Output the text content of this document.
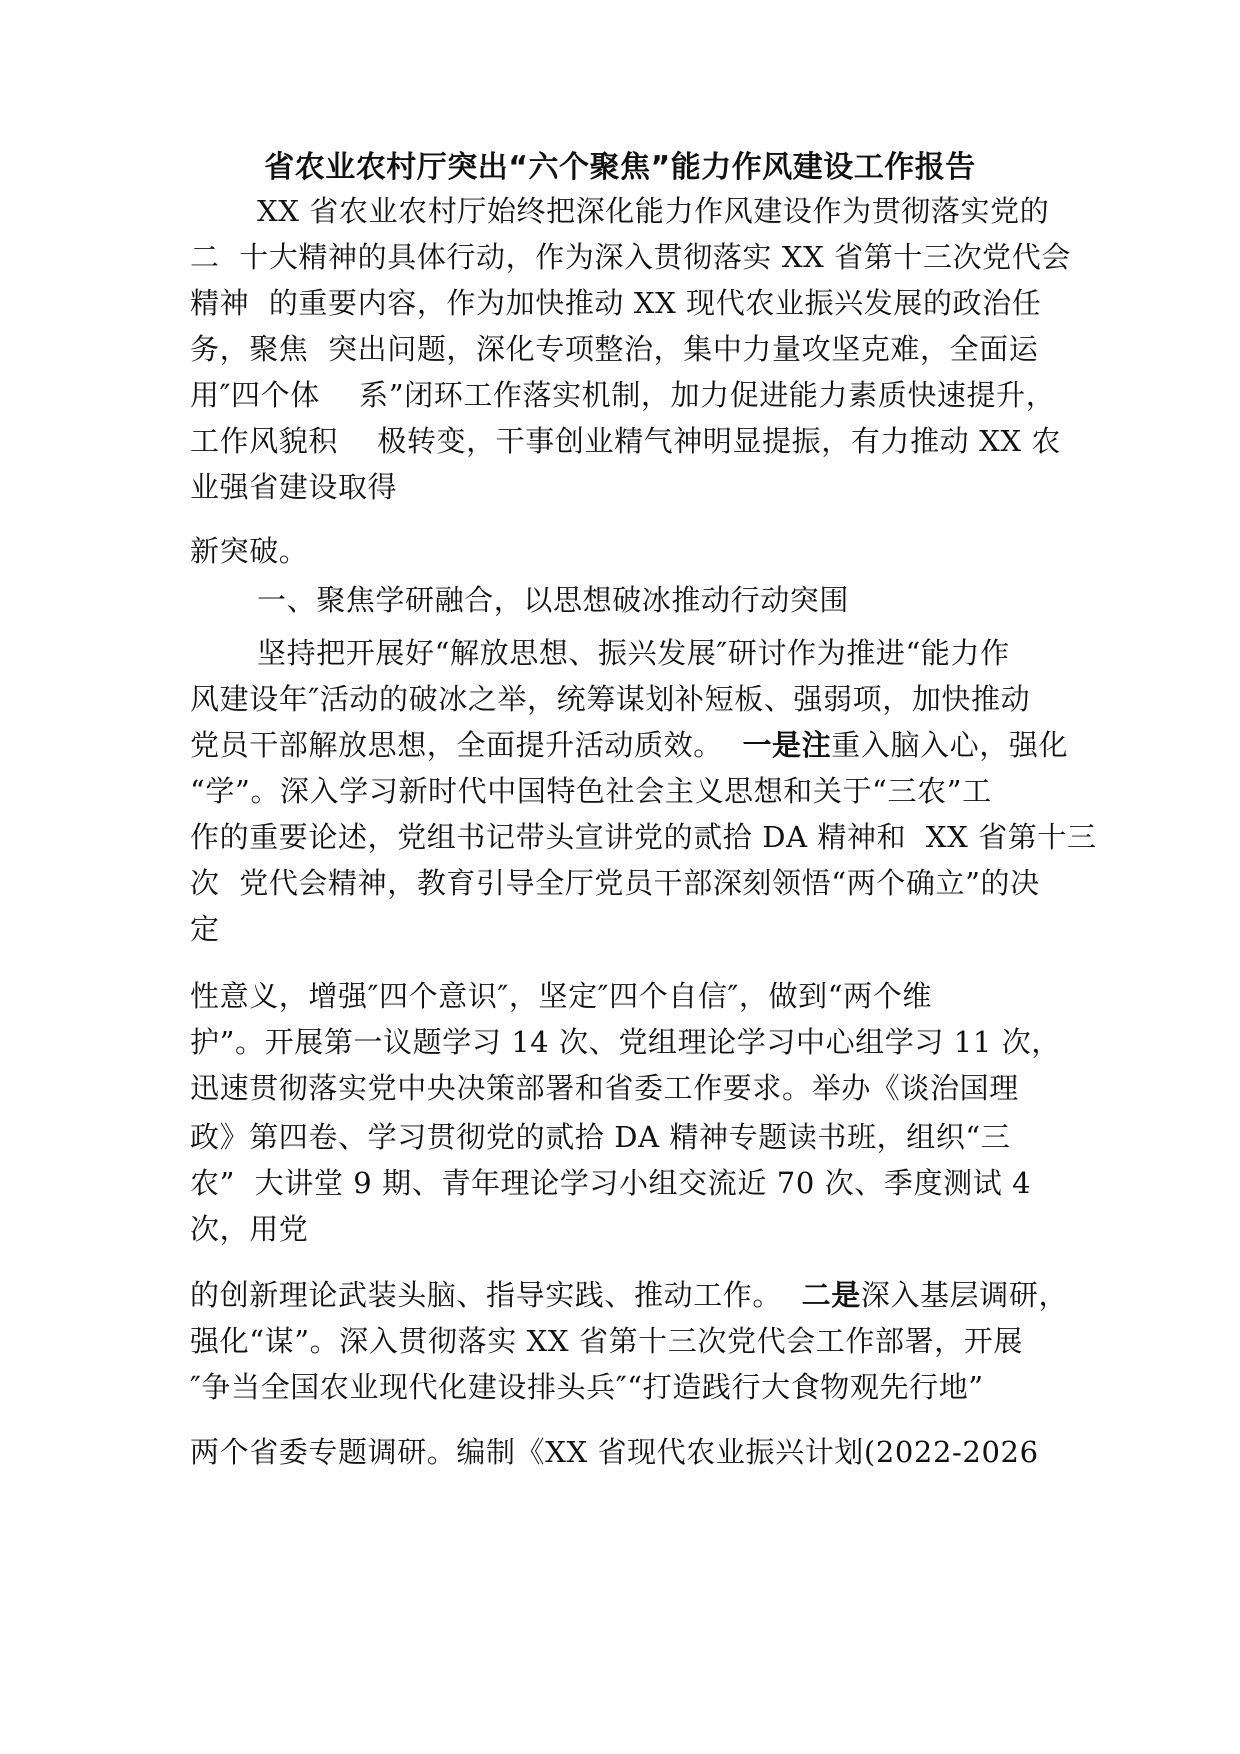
省农业农村厅突出“六个聚焦”能力作风建设工作报告
XX 省农业农村厅始终把深化能力作风建设作为贯彻落实党的
二  十大精神的具体行动，作为深入贯彻落实 XX 省第十三次党代会
精神  的重要内容，作为加快推动 XX 现代农业振兴发展的政治任
务，聚焦  突出问题，深化专项整治，集中力量攻坚克难，全面运
用″四个体    系”闭环工作落实机制，加力促进能力素质快速提升，
工作风貌积    极转变，干事创业精气神明显提振，有力推动 XX 农
业强省建设取得
新突破。
一、聚焦学研融合，以思想破冰推动行动突围
坚持把开展好“解放思想、振兴发展″研讨作为推进“能力作
风建设年″活动的破冰之举，统筹谋划补短板、强弱项，加快推动
党员干部解放思想，全面提升活动质效。  一是注重入脑入心，强化
“学”。深入学习新时代中国特色社会主义思想和关于“三农”工
作的重要论述，党组书记带头宣讲党的贰拾 DA 精神和  XX 省第十三
次  党代会精神，教育引导全厅党员干部深刻领悟“两个确立”的决
定
性意义，增强″四个意识″，坚定″四个自信″，做到“两个维
护”。开展第一议题学习 14 次、党组理论学习中心组学习 11 次，
迅速贯彻落实党中央决策部署和省委工作要求。举办《谈治国理
政》第四卷、学习贯彻党的贰拾 DA 精神专题读书班，组织“三
农”  大讲堂 9 期、青年理论学习小组交流近 70 次、季度测试 4
次，用党
的创新理论武装头脑、指导实践、推动工作。  二是深入基层调研，
强化“谋”。深入贯彻落实 XX 省第十三次党代会工作部署，开展
″争当全国农业现代化建设排头兵″“打造践行大食物观先行地”
两个省委专题调研。编制《XX 省现代农业振兴计划(2022-2026
